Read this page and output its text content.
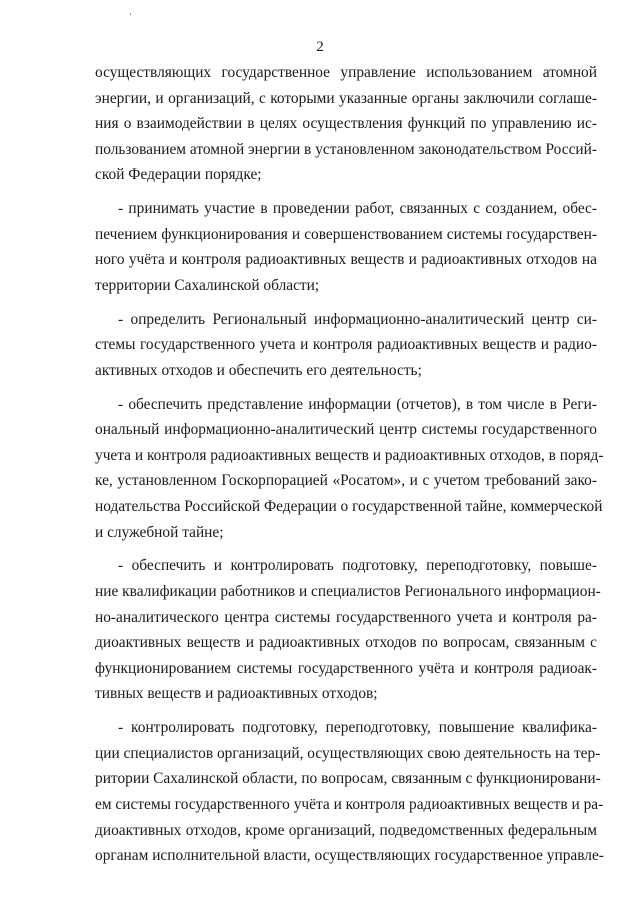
2
осуществляющих государственное управление использованием атомной
энергии, и организаций, с которыми указанные органы заключили соглаше-
ния о взаимодействии в целях осуществления функций по управлению ис-
пользованием атомной энергии в установленном законодательством Россий-
ской Федерации порядке;
- принимать участие в проведении работ, связанных с созданием, обес-
печением функционирования и совершенствованием системы государствен-
ного учёта и контроля радиоактивных веществ и радиоактивных отходов на
территории Сахалинской области;
- определить Региональный информационно-аналитический центр си-
стемы государственного учета и контроля радиоактивных веществ и радио-
активных отходов и обеспечить его деятельность;
- обеспечить представление информации (отчетов), в том числе в Реги-
ональный информационно-аналитический центр системы государственного
учета и контроля радиоактивных веществ и радиоактивных отходов, в поряд-
ке, установленном Госкорпорацией «Росатом», и с учетом требований зако-
нодательства Российской Федерации о государственной тайне, коммерческой
и служебной тайне;
- обеспечить и контролировать подготовку, переподготовку, повыше-
ние квалификации работников и специалистов Регионального информацион-
но-аналитического центра системы государственного учета и контроля ра-
диоактивных веществ и радиоактивных отходов по вопросам, связанным с
функционированием системы государственного учёта и контроля радиоак-
тивных веществ и радиоактивных отходов;
- контролировать подготовку, переподготовку, повышение квалифика-
ции специалистов организаций, осуществляющих свою деятельность на тер-
ритории Сахалинской области, по вопросам, связанным с функционировани-
ем системы государственного учёта и контроля радиоактивных веществ и ра-
диоактивных отходов, кроме организаций, подведомственных федеральным
органам исполнительной власти, осуществляющих государственное управле-
